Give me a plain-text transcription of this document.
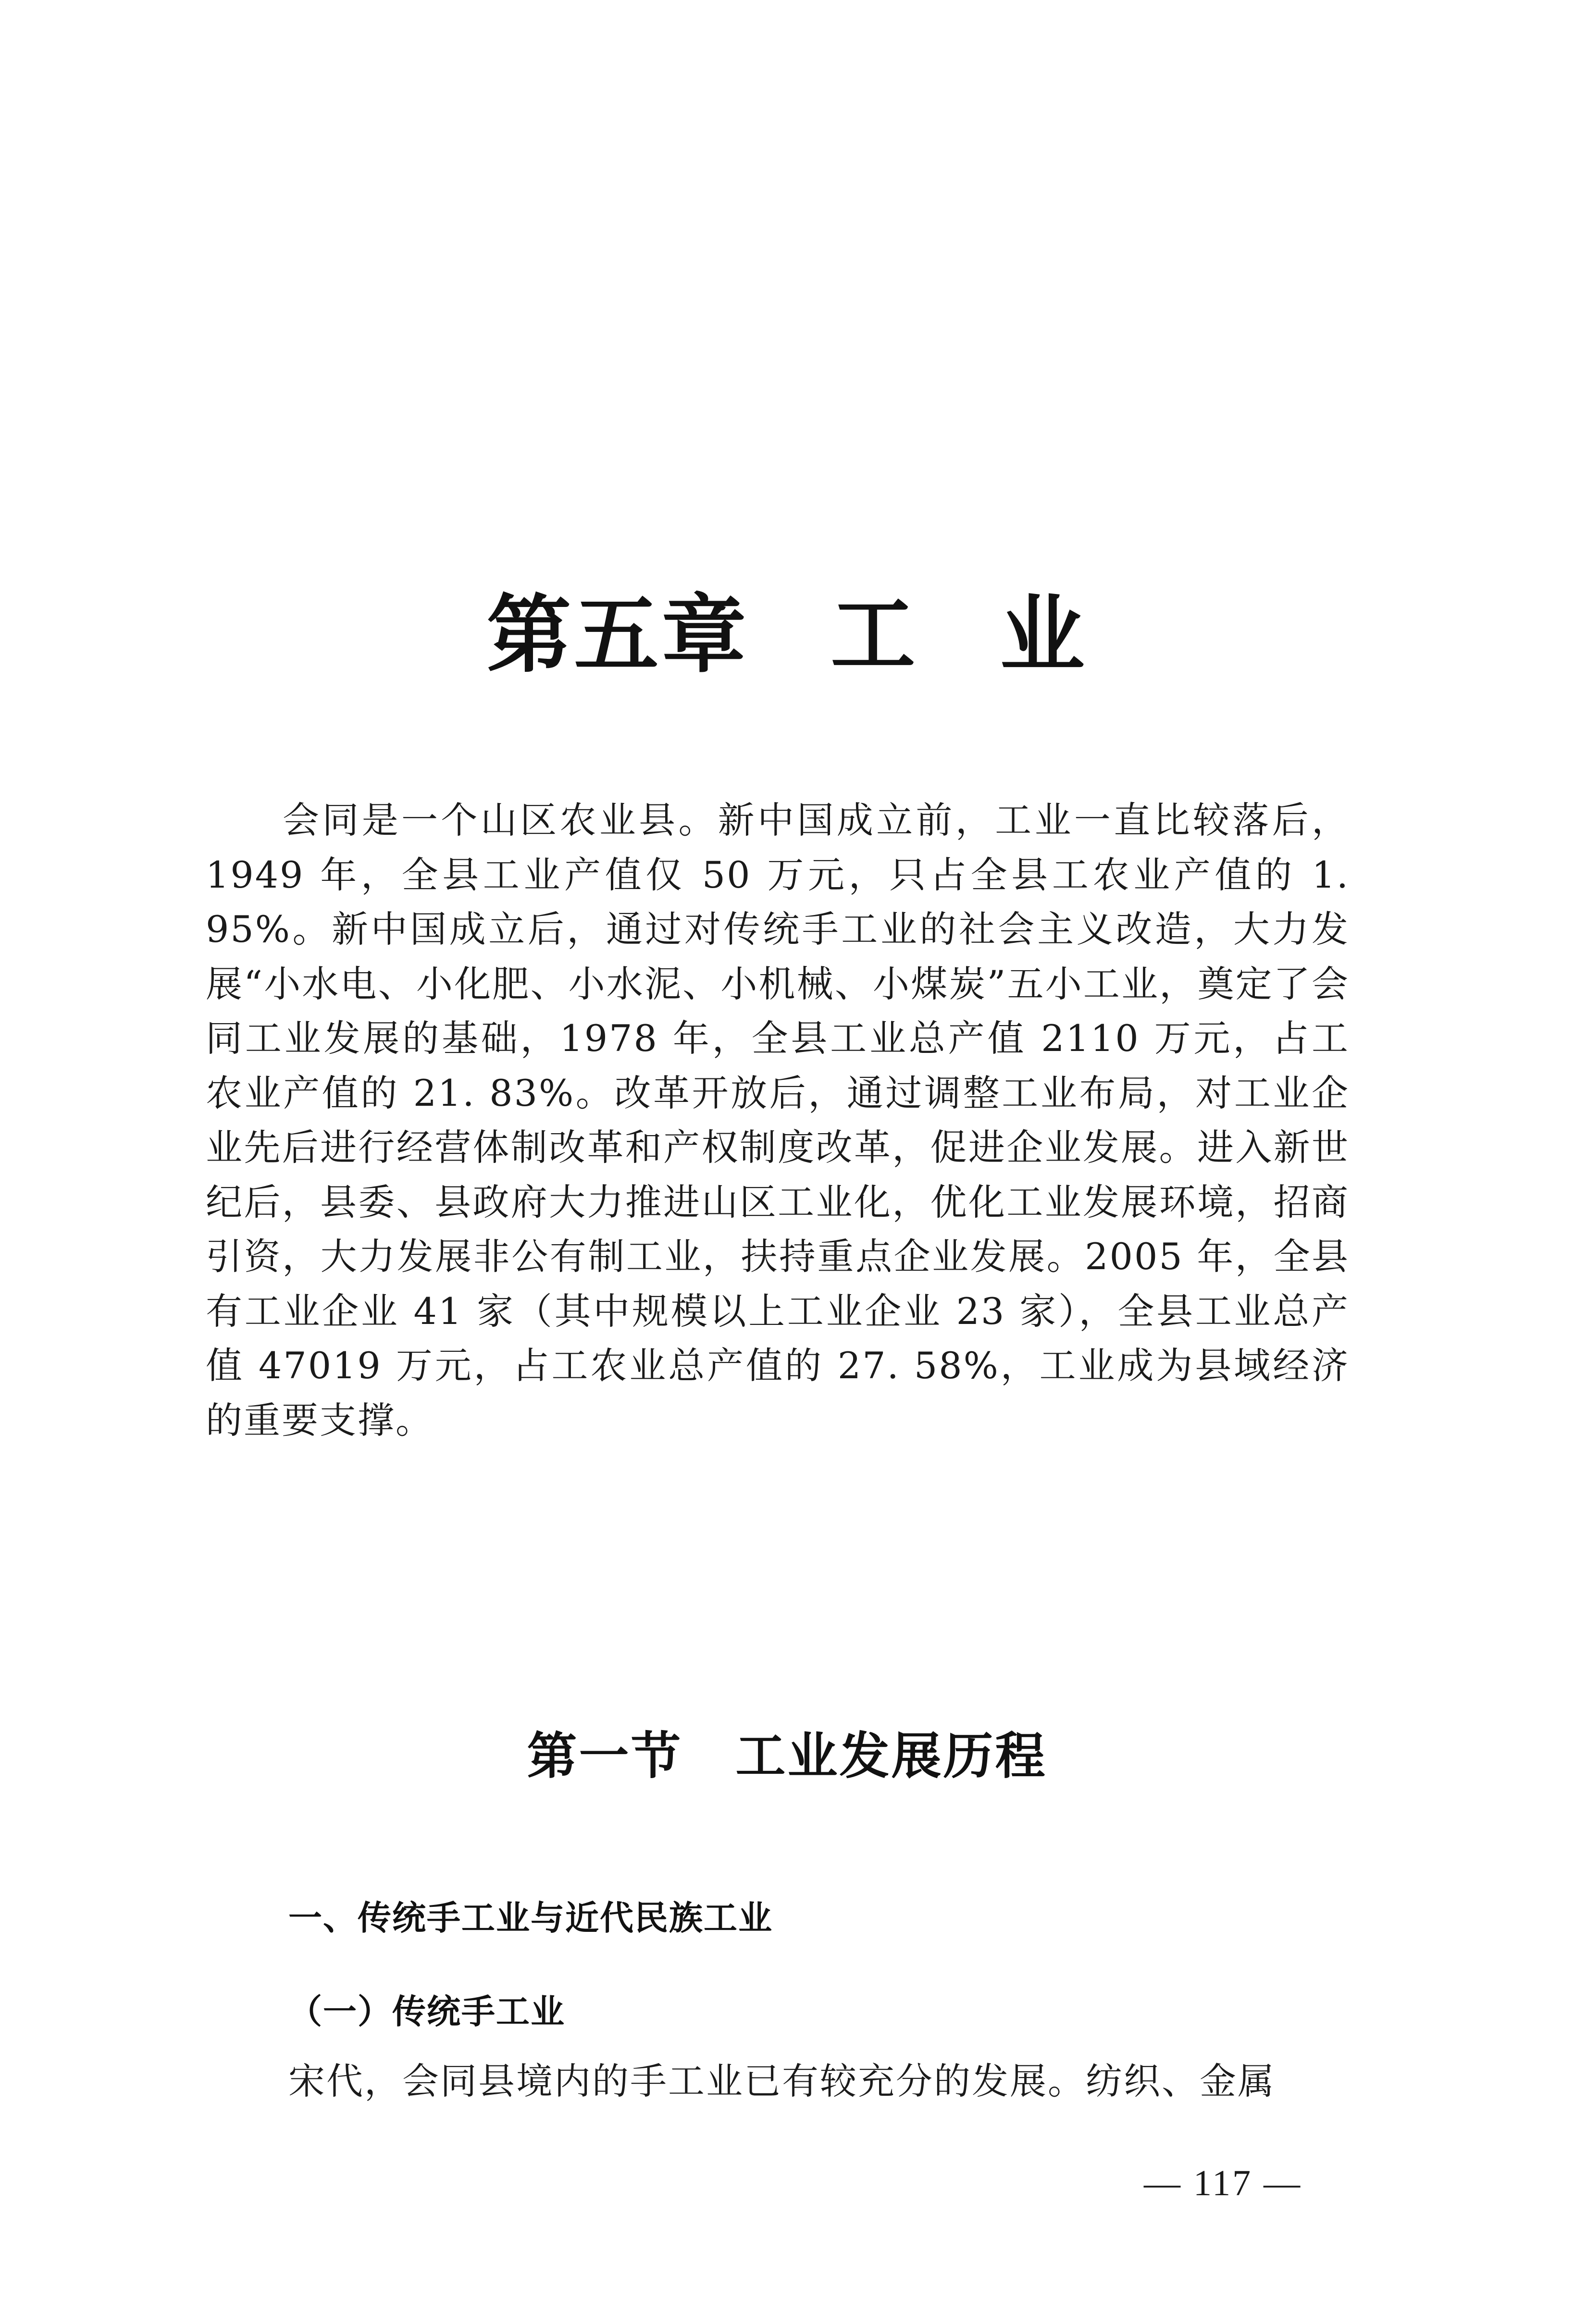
第五章 工 业

会同是一个山区农业县。新中国成立前，工业一直比较落后，1949 年，全县工业产值仅 50 万元，只占全县工农业产值的 1. 95%。新中国成立后，通过对传统手工业的社会主义改造，大力发展“小水电、小化肥、小水泥、小机械、小煤炭”五小工业，奠定了会同工业发展的基础，1978 年，全县工业总产值 2110 万元，占工农业产值的 21. 83%。改革开放后，通过调整工业布局，对工业企业先后进行经营体制改革和产权制度改革，促进企业发展。进入新世纪后，县委、县政府大力推进山区工业化，优化工业发展环境，招商引资，大力发展非公有制工业，扶持重点企业发展。2005 年，全县有工业企业 41 家（其中规模以上工业企业 23 家），全县工业总产值 47019 万元，占工农业总产值的 27. 58%，工业成为县域经济的重要支撑。

第一节 工业发展历程
一、传统手工业与近代民族工业
（一）传统手工业
宋代，会同县境内的手工业已有较充分的发展。纺织、金属
— 117 —
